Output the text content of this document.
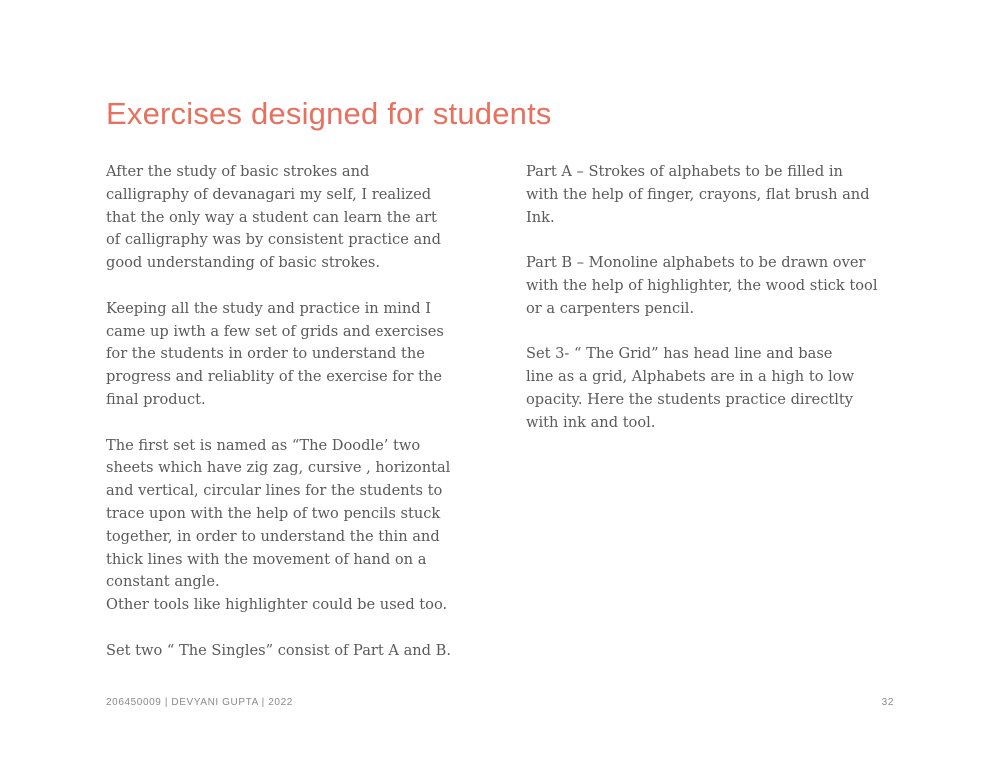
Exercises designed for students

After the study of basic strokes and
calligraphy of devanagari my self, I realized
that the only way a student can learn the art
of calligraphy was by consistent practice and
good understanding of basic strokes.

Keeping all the study and practice in mind I
came up iwth a few set of grids and exercises
for the students in order to understand the
progress and reliablity of the exercise for the
final product.

The first set is named as “The Doodle’ two
sheets which have zig zag, cursive , horizontal
and vertical, circular lines for the students to
trace upon with the help of two pencils stuck
together, in order to understand the thin and
thick lines with the movement of hand on a
constant angle.

Other tools like highlighter could be used too.

Set two “ The Singles” consist of Part A and B.

Part A – Strokes of alphabets to be filled in
with the help of finger, crayons, flat brush and
Ink.

Part B – Monoline alphabets to be drawn over
with the help of highlighter, the wood stick tool
or a carpenters pencil.

Set 3- “ The Grid” has head line and base
line as a grid, Alphabets are in a high to low
opacity. Here the students practice directlty
with ink and tool.

206450009 | DEVYANI GUPTA | 2022	32
